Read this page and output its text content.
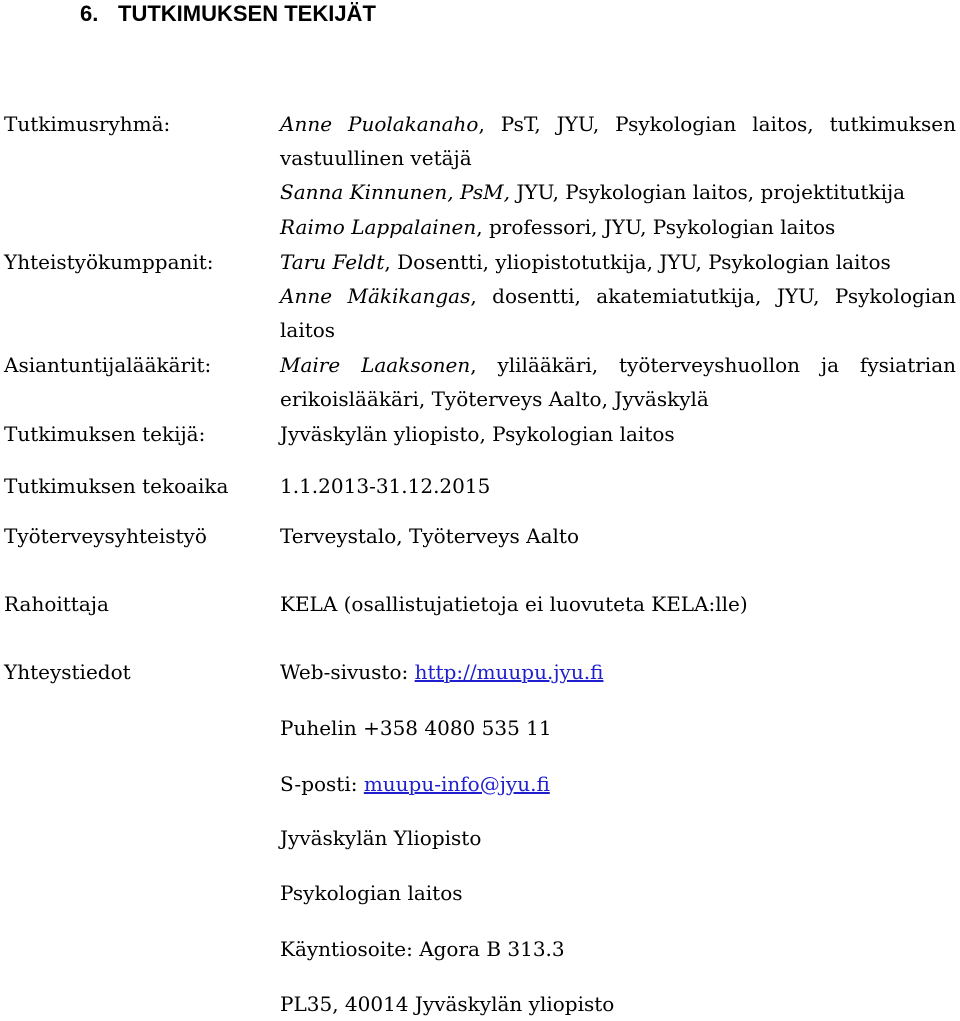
6. TUTKIMUKSEN TEKIJÄT
Tutkimusryhmä:	Anne Puolakanaho, PsT, JYU, Psykologian laitos, tutkimuksen
vastuullinen vetäjä
Sanna Kinnunen, PsM, JYU, Psykologian laitos, projektitutkija
Raimo Lappalainen, professori, JYU, Psykologian laitos
Yhteistyökumppanit:	Taru Feldt, Dosentti, yliopistotutkija, JYU, Psykologian laitos
Anne Mäkikangas, dosentti, akatemiatutkija, JYU, Psykologian
laitos
Asiantuntijalääkärit:	Maire Laaksonen, ylilääkäri, työterveyshuollon ja fysiatrian
erikoislääkäri, Työterveys Aalto, Jyväskylä
Tutkimuksen tekijä:	Jyväskylän yliopisto, Psykologian laitos
Tutkimuksen tekoaika	1.1.2013-31.12.2015
Työterveysyhteistyö	Terveystalo, Työterveys Aalto
Rahoittaja	KELA (osallistujatietoja ei luovuteta KELA:lle)
Yhteystiedot	Web-sivusto: http://muupu.jyu.fi
Puhelin +358 4080 535 11
S-posti: muupu-info@jyu.fi
Jyväskylän Yliopisto
Psykologian laitos
Käyntiosoite: Agora B 313.3
PL35, 40014 Jyväskylän yliopisto
